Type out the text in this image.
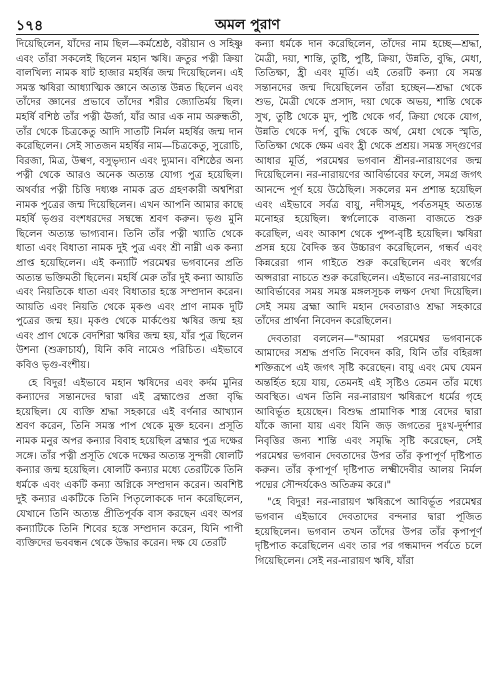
১৭৪	অমল পুরাণ

দিয়েছিলেন, যাঁদের নাম ছিল—কর্মশ্রেষ্ঠ, বরীয়ান ও সহিষ্ণু এবং তাঁরা সকলেই ছিলেন মহান ঋষি। ক্রতুর পত্নী ক্রিয়া বালখিল্য নামক ষাট হাজার মহর্ষির জন্ম দিয়েছিলেন। এই সমস্ত ঋষিরা আধ্যাত্মিক জ্ঞানে অত্যন্ত উন্নত ছিলেন এবং তাঁদের জ্ঞানের প্রভাবে তাঁদের শরীর জ্যোতির্ময় ছিল। মহর্ষি বশিষ্ঠ তাঁর পত্নী ঊর্জা, যাঁর আর এক নাম অরুন্ধতী, তাঁর থেকে চিত্রকেতু আদি সাতটি নির্মল মহর্ষির জন্ম দান করেছিলেন। সেই সাতজন মহর্ষির নাম—চিত্রকেতু, সুরোচি, বিরজা, মিত্র, উল্বণ, বসুভৃদ্যান এবং দ্যুমান। বশিষ্ঠের অন্য পত্নী থেকে আরও অনেক অত্যন্ত যোগ্য পুত্র হয়েছিল। অথর্বার পত্নী চিত্তি দধ্যঞ্চ নামক ব্রত গ্রহণকারী অশ্বশিরা নামক পুত্রের জন্ম দিয়েছিলেন। এখন আপনি আমার কাছে মহর্ষি ভৃগুর বংশধরদের সম্বন্ধে শ্রবণ করুন। ভৃগু মুনি ছিলেন অত্যন্ত ভাগ্যবান। তিনি তাঁর পত্নী খ্যাতি থেকে ধাতা এবং বিধাতা নামক দুই পুত্র এবং শ্রী নাম্নী এক কন্যা প্রাপ্ত হয়েছিলেন। এই কন্যাটি পরমেশ্বর ভগবানের প্রতি অত্যন্ত ভক্তিমতী ছিলেন। মহর্ষি মেরু তাঁর দুই কন্যা আয়তি এবং নিয়তিকে ধাতা এবং বিধাতার হস্তে সম্প্রদান করেন। আয়তি এবং নিয়তি থেকে মৃকণ্ড এবং প্রাণ নামক দুটি পুত্রের জন্ম হয়। মৃকণ্ড থেকে মার্কণ্ডেয় ঋষির জন্ম হয় এবং প্রাণ থেকে বেদশিরা ঋষির জন্ম হয়, যাঁর পুত্র ছিলেন উশনা (শুক্রাচার্য), যিনি কবি নামেও পরিচিত। এইভাবে কবিও ভৃগু-বংশীয়।

হে বিদুর! এইভাবে মহান ঋষিদের এবং কর্দম মুনির কন্যাদের সন্তানদের দ্বারা এই ব্রহ্মাণ্ডের প্রজা বৃদ্ধি হয়েছিল। যে ব্যক্তি শ্রদ্ধা সহকারে এই বর্ণনার আখ্যান শ্রবণ করেন, তিনি সমস্ত পাপ থেকে মুক্ত হবেন। প্রসূতি নামক মনুর অপর কন্যার বিবাহ হয়েছিল ব্রহ্মার পুত্র দক্ষের সঙ্গে। তাঁর পত্নী প্রসূতি থেকে দক্ষের অত্যন্ত সুন্দরী ষোলটি কন্যার জন্ম হয়েছিল। ষোলটি কন্যার মধ্যে তেরটিকে তিনি ধর্মকে এবং একটি কন্যা অগ্নিকে সম্প্রদান করেন। অবশিষ্ট দুই কন্যার একটিকে তিনি পিতৃলোককে দান করেছিলেন, যেখানে তিনি অত্যন্ত প্রীতিপূর্বক বাস করছেন এবং অপর কন্যাটিকে তিনি শিবের হস্তে সম্প্রদান করেন, যিনি পাপী ব্যক্তিদের ভববন্ধন থেকে উদ্ধার করেন। দক্ষ যে তেরটি

কন্যা ধর্মকে দান করেছিলেন, তাঁদের নাম হচ্ছে—শ্রদ্ধা, মৈত্রী, দয়া, শান্তি, তুষ্টি, পুষ্টি, ক্রিয়া, উন্নতি, বুদ্ধি, মেধা, তিতিক্ষা, হ্রী এবং মূর্তি। এই তেরটি কন্যা যে সমস্ত সন্তানদের জন্ম দিয়েছিলেন তাঁরা হচ্ছেন—শ্রদ্ধা থেকে শুভ, মৈত্রী থেকে প্রসাদ, দয়া থেকে অভয়, শান্তি থেকে সুখ, তুষ্টি থেকে মুদ, পুষ্টি থেকে গর্ব, ক্রিয়া থেকে যোগ, উন্নতি থেকে দর্প, বুদ্ধি থেকে অর্থ, মেধা থেকে স্মৃতি, তিতিক্ষা থেকে ক্ষেম এবং হ্রী থেকে প্রশ্রয়। সমস্ত সদ্গুণের আধার মূর্তি, পরমেশ্বর ভগবান শ্রীনর-নারায়ণের জন্ম দিয়েছিলেন। নর-নারায়ণের আবির্ভাবের ফলে, সমগ্র জগৎ আনন্দে পূর্ণ হয়ে উঠেছিল। সকলের মন প্রশান্ত হয়েছিল এবং এইভাবে সর্বত্র বায়ু, নদীসমূহ, পর্বতসমূহ অত্যন্ত মনোহর হয়েছিল। স্বর্গলোকে বাজনা বাজতে শুরু করেছিল, এবং আকাশ থেকে পুষ্প-বৃষ্টি হয়েছিল। ঋষিরা প্রসন্ন হয়ে বৈদিক স্তব উচ্চারণ করেছিলেন, গন্ধর্ব এবং কিন্নরেরা গান গাইতে শুরু করেছিলেন এবং স্বর্গের অপ্সরারা নাচতে শুরু করেছিলেন। এইভাবে নর-নারায়ণের আবির্ভাবের সময় সমস্ত মঙ্গলসূচক লক্ষণ দেখা দিয়েছিল। সেই সময় ব্রহ্মা আদি মহান দেবতারাও শ্রদ্ধা সহকারে তাঁদের প্রার্থনা নিবেদন করেছিলেন।

দেবতারা বললেন—"আমরা পরমেশ্বর ভগবানকে আমাদের সশ্রদ্ধ প্রণতি নিবেদন করি, যিনি তাঁর বহিরঙ্গা শক্তিরূপে এই জগৎ সৃষ্টি করেছেন। বায়ু এবং মেঘ যেমন অন্তর্হিত হয়ে যায়, তেমনই এই সৃষ্টিও তেমন তাঁর মধ্যে অবস্থিত। এখন তিনি নর-নারায়ণ ঋষিরূপে ধর্মের গৃহে আবির্ভূত হয়েছেন। বিশুদ্ধ প্রামাণিক শাস্ত্র বেদের দ্বারা যাঁকে জানা যায় এবং যিনি জড় জগতের দুঃখ-দুর্দশার নিবৃত্তির জন্য শান্তি এবং সমৃদ্ধি সৃষ্টি করেছেন, সেই পরমেশ্বর ভগবান দেবতাদের উপর তাঁর কৃপাপূর্ণ দৃষ্টিপাত করুন। তাঁর কৃপাপূর্ণ দৃষ্টিপাত লক্ষ্মীদেবীর আলয় নির্মল পদ্মের সৌন্দর্যকেও অতিক্রম করে।"

"হে বিদুর! নর-নারায়ণ ঋষিরূপে আবির্ভূত পরমেশ্বর ভগবান এইভাবে দেবতাদের বন্দনার দ্বারা পূজিত হয়েছিলেন। ভগবান তখন তাঁদের উপর তাঁর কৃপাপূর্ণ দৃষ্টিপাত করেছিলেন এবং তার পর গন্ধমাদন পর্বতে চলে গিয়েছিলেন। সেই নর-নারায়ণ ঋষি, যাঁরা
